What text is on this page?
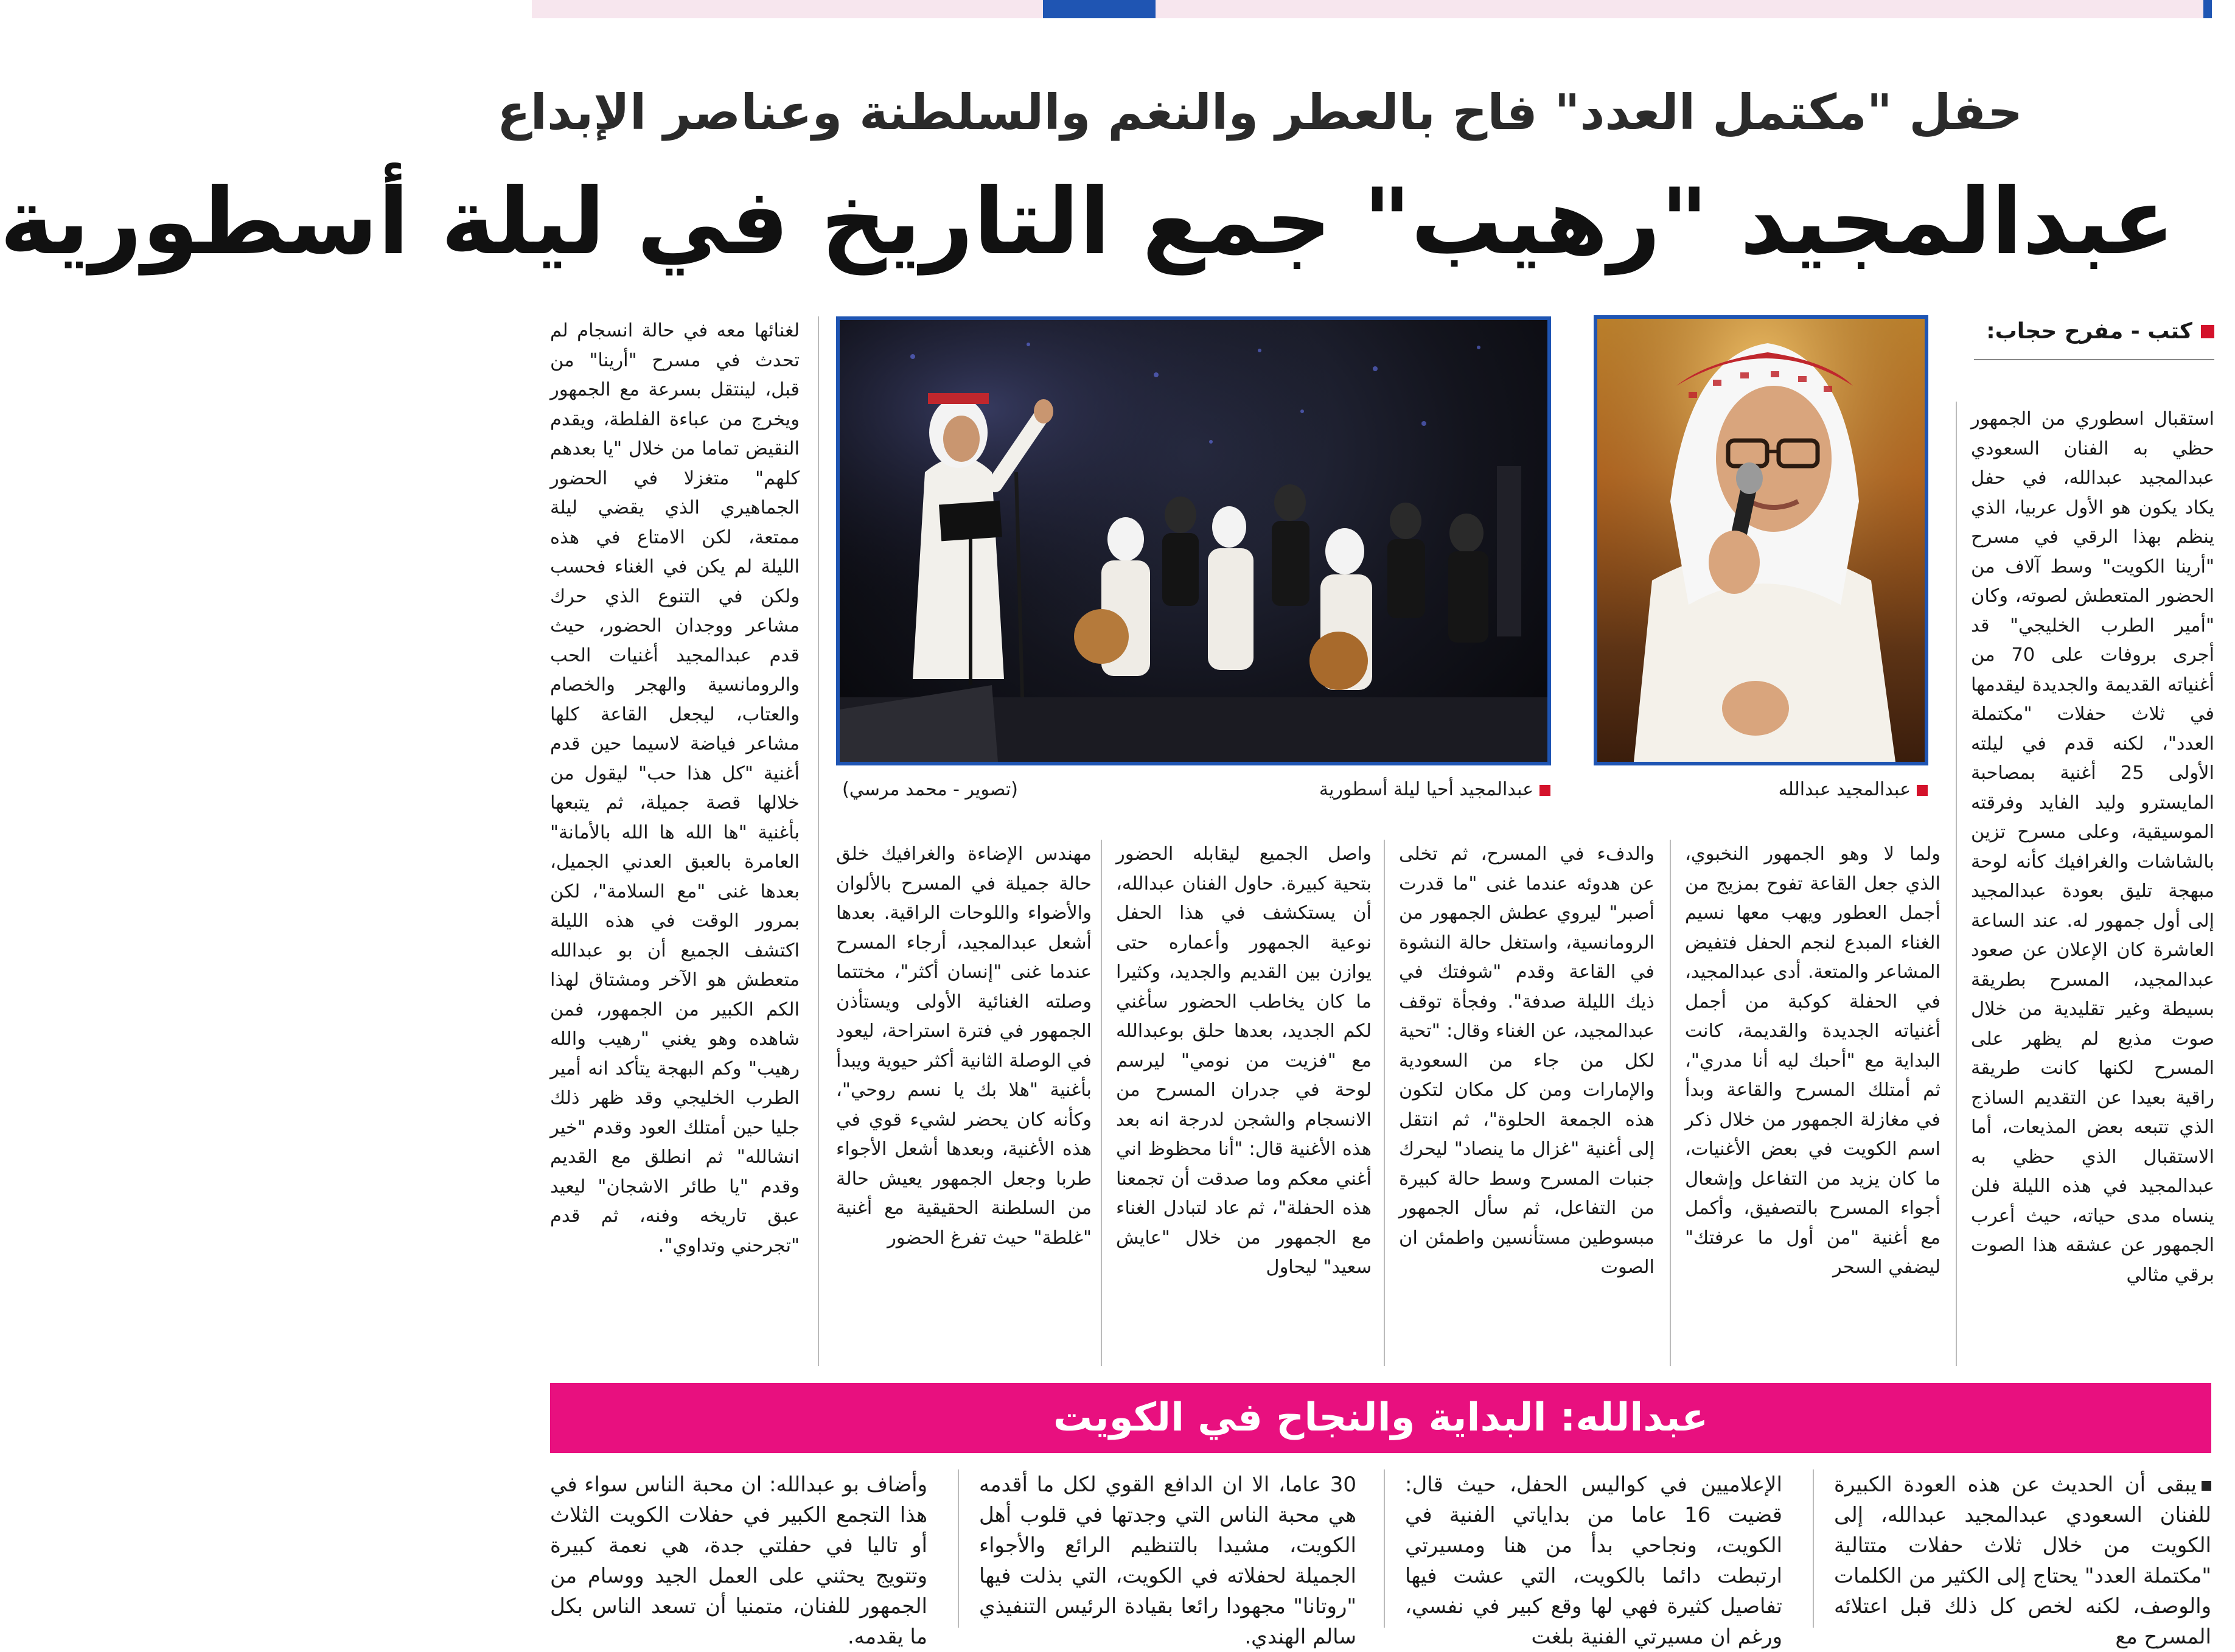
حفل "مكتمل العدد" فاح بالعطر والنغم والسلطنة وعناصر الإبداع
عبدالمجيد "رهيب" جمع التاريخ في ليلة أسطورية
كتب - مفرح حجاب:
عبدالمجيد عبدالله
عبدالمجيد أحيا ليلة أسطورية
(تصوير - محمد مرسي)
استقبال اسطوري من الجمهور حظي به الفنان السعودي عبدالمجيد عبدالله، في حفل يكاد يكون هو الأول عربيا، الذي ينظم بهذا الرقي في مسرح "أرينا الكويت" وسط آلاف من الحضور المتعطش لصوته، وكان "أمير الطرب الخليجي" قد أجرى بروفات على 70 من أغنياته القديمة والجديدة ليقدمها في ثلاث حفلات "مكتملة العدد"، لكنه قدم في ليلته الأولى 25 أغنية بمصاحبة المايسترو وليد الفايد وفرقته الموسيقية، وعلى مسرح تزين بالشاشات والغرافيك كأنه لوحة مبهجة تليق بعودة عبدالمجيد إلى أول جمهور له. عند الساعة العاشرة كان الإعلان عن صعود عبدالمجيد، المسرح بطريقة بسيطة وغير تقليدية من خلال صوت مذيع لم يظهر على المسرح لكنها كانت طريقة راقية بعيدا عن التقديم الساذج الذي تتبعه بعض المذيعات، أما الاستقبال الذي حظي به عبدالمجيد في هذه الليلة فلن ينساه مدى حياته، حيث أعرب الجمهور عن عشقه هذا الصوت برقي مثالي
ولما لا وهو الجمهور النخبوي، الذي جعل القاعة تفوح بمزيج من أجمل العطور ويهب معها نسيم الغناء المبدع لنجم الحفل فتفيض المشاعر والمتعة. أدى عبدالمجيد، في الحفلة كوكبة من أجمل أغنياته الجديدة والقديمة، كانت البداية مع "أحبك ليه أنا مدري"، ثم أمتلك المسرح والقاعة وبدأ في مغازلة الجمهور من خلال ذكر اسم الكويت في بعض الأغنيات، ما كان يزيد من التفاعل وإشعال أجواء المسرح بالتصفيق، وأكمل مع أغنية "من أول ما عرفتك" ليضفي السحر
والدفء في المسرح، ثم تخلى عن هدوئه عندما غنى "ما قدرت أصبر" ليروي عطش الجمهور من الرومانسية، واستغل حالة النشوة في القاعة وقدم "شوفتك في ذيك الليلة صدفة". وفجأة توقف عبدالمجيد، عن الغناء وقال: "تحية لكل من جاء من السعودية والإمارات ومن كل مكان لتكون هذه الجمعة الحلوة"، ثم انتقل إلى أغنية "غزال ما ينصاد" ليحرك جنبات المسرح وسط حالة كبيرة من التفاعل، ثم سأل الجمهور مبسوطين مستأنسين واطمئن ان الصوت
واصل الجميع ليقابله الحضور بتحية كبيرة. حاول الفنان عبدالله، أن يستكشف في هذا الحفل نوعية الجمهور وأعماره حتى يوازن بين القديم والجديد، وكثيرا ما كان يخاطب الحضور سأغني لكم الجديد، بعدها حلق بوعبدالله مع "فزيت من نومي" ليرسم لوحة في جدران المسرح من الانسجام والشجن لدرجة انه بعد هذه الأغنية قال: "أنا محظوظ اني أغني معكم وما صدقت أن تجمعنا هذه الحفلة"، ثم عاد لتبادل الغناء مع الجمهور من خلال "عايش سعيد" ليحاول
مهندس الإضاءة والغرافيك خلق حالة جميلة في المسرح بالألوان والأضواء واللوحات الراقية. بعدها أشعل عبدالمجيد، أرجاء المسرح عندما غنى "إنسان أكثر"، مختتما وصلته الغنائية الأولى ويستأذن الجمهور في فترة استراحة، ليعود في الوصلة الثانية أكثر حيوية ويبدأ بأغنية "هلا بك يا نسم روحي"، وكأنه كان يحضر لشيء قوي في هذه الأغنية، وبعدها أشعل الأجواء طربا وجعل الجمهور يعيش حالة من السلطنة الحقيقية مع أغنية "غلطة" حيث تفرغ الحضور
لغنائها معه في حالة انسجام لم تحدث في مسرح "أرينا" من قبل، لينتقل بسرعة مع الجمهور ويخرج من عباءة الفلطة، ويقدم النقيض تماما من خلال "يا بعدهم كلهم" متغزلا في الحضور الجماهيري الذي يقضي ليلة ممتعة، لكن الامتاع في هذه الليلة لم يكن في الغناء فحسب ولكن في التنوع الذي حرك مشاعر ووجدان الحضور، حيث قدم عبدالمجيد أغنيات الحب والرومانسية والهجر والخصام والعتاب، ليجعل القاعة كلها مشاعر فياضة لاسيما حين قدم أغنية "كل هذا حب" ليقول من خلالها قصة جميلة، ثم يتبعها بأغنية "ها الله ها الله بالأمانة" العامرة بالعبق العدني الجميل، بعدها غنى "مع السلامة"، لكن بمرور الوقت في هذه الليلة اكتشف الجميع أن بو عبدالله متعطش هو الآخر ومشتاق لهذا الكم الكبير من الجمهور، فمن شاهده وهو يغني "رهيب والله رهيب" وكم البهجة يتأكد انه أمير الطرب الخليجي وقد ظهر ذلك جليا حين أمتلك العود وقدم "خير انشالله" ثم انطلق مع القديم وقدم "يا طائر الاشجان" ليعيد عبق تاريخه وفنه، ثم قدم "تجرحني وتداوي".
عبدالله: البداية والنجاح في الكويت
يبقى أن الحديث عن هذه العودة الكبيرة للفنان السعودي عبدالمجيد عبدالله، إلى الكويت من خلال ثلاث حفلات متتالية "مكتملة العدد" يحتاج إلى الكثير من الكلمات والوصف، لكنه لخص كل ذلك قبل اعتلائه المسرح مع
الإعلاميين في كواليس الحفل، حيث قال: قضيت 16 عاما من بداياتي الفنية في الكويت، ونجاحي بدأ من هنا ومسيرتي ارتبطت دائما بالكويت، التي عشت فيها تفاصيل كثيرة فهي لها وقع كبير في نفسي، ورغم ان مسيرتي الفنية بلغت
30 عاما، الا ان الدافع القوي لكل ما أقدمه هي محبة الناس التي وجدتها في قلوب أهل الكويت، مشيدا بالتنظيم الرائع والأجواء الجميلة لحفلاته في الكويت، التي بذلت فيها "روتانا" مجهودا رائعا بقيادة الرئيس التنفيذي سالم الهندي.
وأضاف بو عبدالله: ان محبة الناس سواء في هذا التجمع الكبير في حفلات الكويت الثلاث أو تاليا في حفلتي جدة، هي نعمة كبيرة وتتويج يحثني على العمل الجيد ووسام من الجمهور للفنان، متمنيا أن تسعد الناس بكل ما يقدمه.
